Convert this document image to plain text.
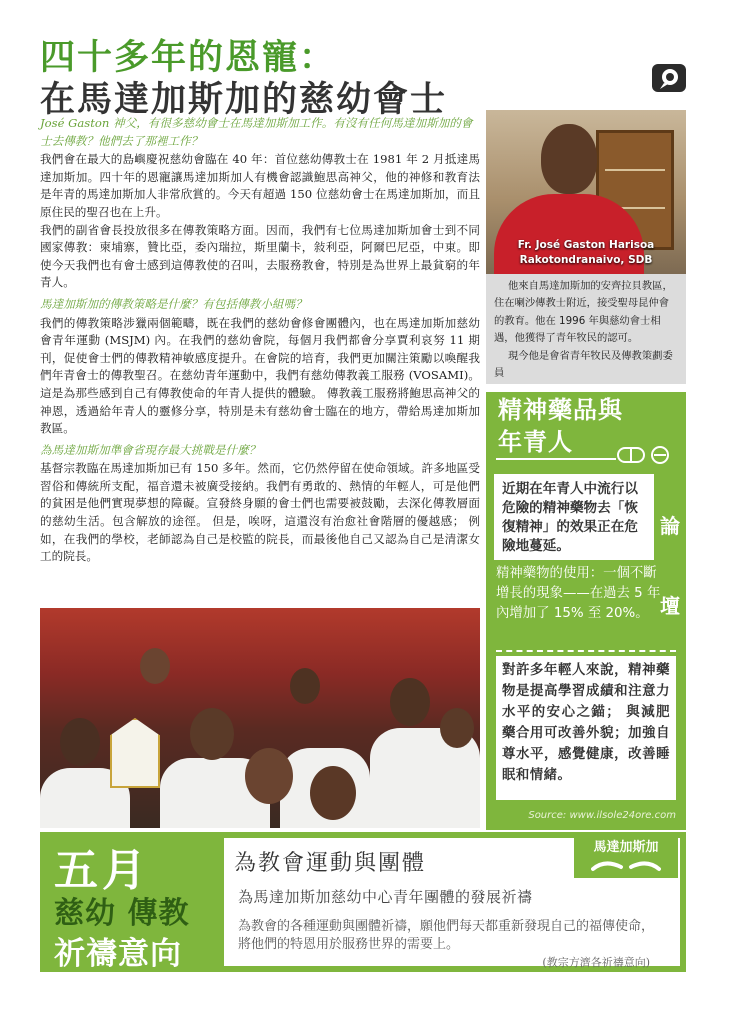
四十多年的恩寵：
在馬達加斯加的慈幼會士
José Gaston 神父，有很多慈幼會士在馬達加斯加工作。有沒有任何馬達加斯加的會士去傳教？他們去了那裡工作？
我們會在最大的島嶼慶祝慈幼會臨在 40 年：首位慈幼傳教士在 1981 年 2 月抵達馬達加斯加。四十年的恩寵讓馬達加斯加人有機會認識鮑思高神父，他的神修和教育法是年青的馬達加斯加人非常欣賞的。今天有超過 150 位慈幼會士在馬達加斯加，而且原住民的聖召也在上升。
我們的副省會長投放很多在傳教策略方面。因而，我們有七位馬達加斯加會士到不同國家傳教：柬埔寨，贊比亞，委內瑞拉，斯里蘭卡，敍利亞，阿爾巴尼亞，中東。即使今天我們也有會士感到這傳教使的召叫，去服務教會，特別是為世界上最貧窮的年青人。
馬達加斯加的傳教策略是什麼？有包括傳教小組嗎？
我們的傳教策略涉獵兩個範疇，既在我們的慈幼會修會團體內，也在馬達加斯加慈幼會青年運動 (MSJM) 內。在我們的慈幼會院，每個月我們都會分享賈利哀努 11 期刊，促使會士們的傳教精神敏感度提升。在會院的培育，我們更加關注策勵以喚醒我們年青會士的傳教聖召。在慈幼青年運動中，我們有慈幼傳教義工服務 (VOSAMI)。 這是為那些感到自己有傳教使命的年青人提供的體驗。 傳教義工服務將鮑思高神父的神恩，透過給年青人的靈修分享，特別是未有慈幼會士臨在的地方，帶給馬達加斯加教區。
為馬達加斯加準會省現存最大挑戰是什麼？
基督宗教臨在馬達加斯加已有 150 多年。然而，它仍然停留在使命領域。許多地區受習俗和傳統所支配，福音還未被廣受接納。我們有勇敢的、熱情的年輕人，可是他們的貧困是他們實現夢想的障礙。宣發終身願的會士們也需要被鼓勵，去深化傳教層面的慈幼生活。包含解放的途徑。 但是，唉呀，這還沒有治愈社會階層的優越感； 例如，在我們的學校，老師認為自己是校監的院長，而最後他自己又認為自己是清潔女工的院長。
Fr. José Gaston Harisoa
Rakotondranaivo, SDB
他來自馬達加斯加的安齊拉貝教區，住在喇沙傳教士附近，接受聖母昆仲會的教育。他在 1996 年與慈幼會士相遇，他獲得了青年牧民的認可。
現今他是會省青年牧民及傳教策劃委員
精神藥品與
年青人
近期在年青人中流行以危險的精神藥物去「恢復精神」的效果正在危險地蔓延。
論
精神藥物的使用：一個不斷增長的現象——在過去 5 年內增加了 15% 至 20%。 壇
對許多年輕人來說，精神藥物是提高學習成績和注意力水平的安心之錨； 與減肥藥合用可改善外貌；加強自尊水平，感覺健康，改善睡眠和情緒。
Source: www.ilsole24ore.com
五月
慈幼 傳教
祈禱意向
為教會運動與團體
為馬達加斯加慈幼中心青年團體的發展祈禱
為教會的各種運動與團體祈禱，願他們每天都重新發現自己的福傳使命，將他們的特恩用於服務世界的需要上。
(教宗方濟各祈禱意向)
馬達加斯加
